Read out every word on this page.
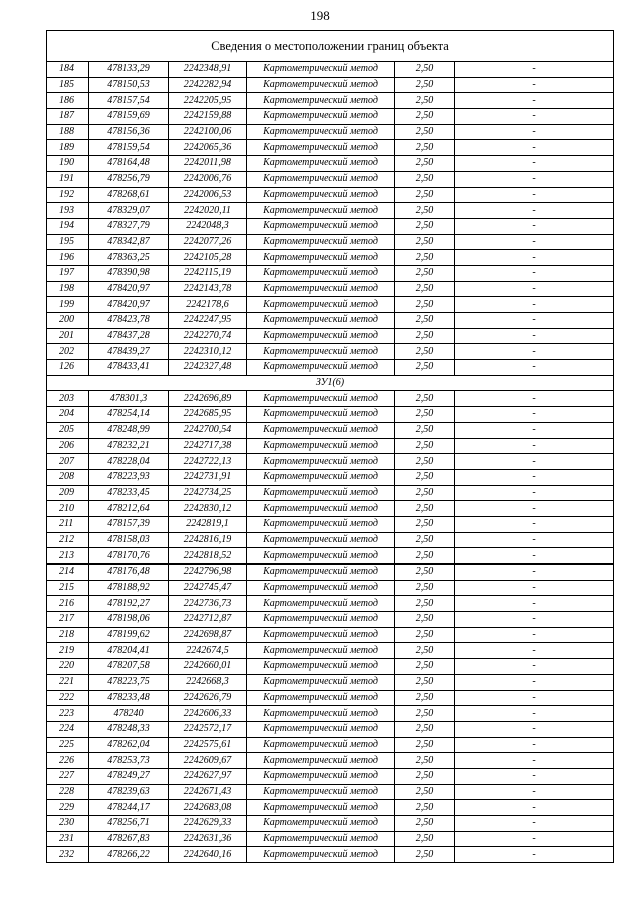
198
Сведения о местоположении границ объекта					
184	478133,29	2242348,91	Картометрический метод	2,50	-
185	478150,53	2242282,94	Картометрический метод	2,50	-
186	478157,54	2242205,95	Картометрический метод	2,50	-
187	478159,69	2242159,88	Картометрический метод	2,50	-
188	478156,36	2242100,06	Картометрический метод	2,50	-
189	478159,54	2242065,36	Картометрический метод	2,50	-
190	478164,48	2242011,98	Картометрический метод	2,50	-
191	478256,79	2242006,76	Картометрический метод	2,50	-
192	478268,61	2242006,53	Картометрический метод	2,50	-
193	478329,07	2242020,11	Картометрический метод	2,50	-
194	478327,79	2242048,3	Картометрический метод	2,50	-
195	478342,87	2242077,26	Картометрический метод	2,50	-
196	478363,25	2242105,28	Картометрический метод	2,50	-
197	478390,98	2242115,19	Картометрический метод	2,50	-
198	478420,97	2242143,78	Картометрический метод	2,50	-
199	478420,97	2242178,6	Картометрический метод	2,50	-
200	478423,78	2242247,95	Картометрический метод	2,50	-
201	478437,28	2242270,74	Картометрический метод	2,50	-
202	478439,27	2242310,12	Картометрический метод	2,50	-
126	478433,41	2242327,48	Картометрический метод	2,50	-
ЗУ1(6)					
203	478301,3	2242696,89	Картометрический метод	2,50	-
204	478254,14	2242685,95	Картометрический метод	2,50	-
205	478248,99	2242700,54	Картометрический метод	2,50	-
206	478232,21	2242717,38	Картометрический метод	2,50	-
207	478228,04	2242722,13	Картометрический метод	2,50	-
208	478223,93	2242731,91	Картометрический метод	2,50	-
209	478233,45	2242734,25	Картометрический метод	2,50	-
210	478212,64	2242830,12	Картометрический метод	2,50	-
211	478157,39	2242819,1	Картометрический метод	2,50	-
212	478158,03	2242816,19	Картометрический метод	2,50	-
213	478170,76	2242818,52	Картометрический метод	2,50	-
214	478176,48	2242796,98	Картометрический метод	2,50	-
215	478188,92	2242745,47	Картометрический метод	2,50	-
216	478192,27	2242736,73	Картометрический метод	2,50	-
217	478198,06	2242712,87	Картометрический метод	2,50	-
218	478199,62	2242698,87	Картометрический метод	2,50	-
219	478204,41	2242674,5	Картометрический метод	2,50	-
220	478207,58	2242660,01	Картометрический метод	2,50	-
221	478223,75	2242668,3	Картометрический метод	2,50	-
222	478233,48	2242626,79	Картометрический метод	2,50	-
223	478240	2242606,33	Картометрический метод	2,50	-
224	478248,33	2242572,17	Картометрический метод	2,50	-
225	478262,04	2242575,61	Картометрический метод	2,50	-
226	478253,73	2242609,67	Картометрический метод	2,50	-
227	478249,27	2242627,97	Картометрический метод	2,50	-
228	478239,63	2242671,43	Картометрический метод	2,50	-
229	478244,17	2242683,08	Картометрический метод	2,50	-
230	478256,71	2242629,33	Картометрический метод	2,50	-
231	478267,83	2242631,36	Картометрический метод	2,50	-
232	478266,22	2242640,16	Картометрический метод	2,50	-
